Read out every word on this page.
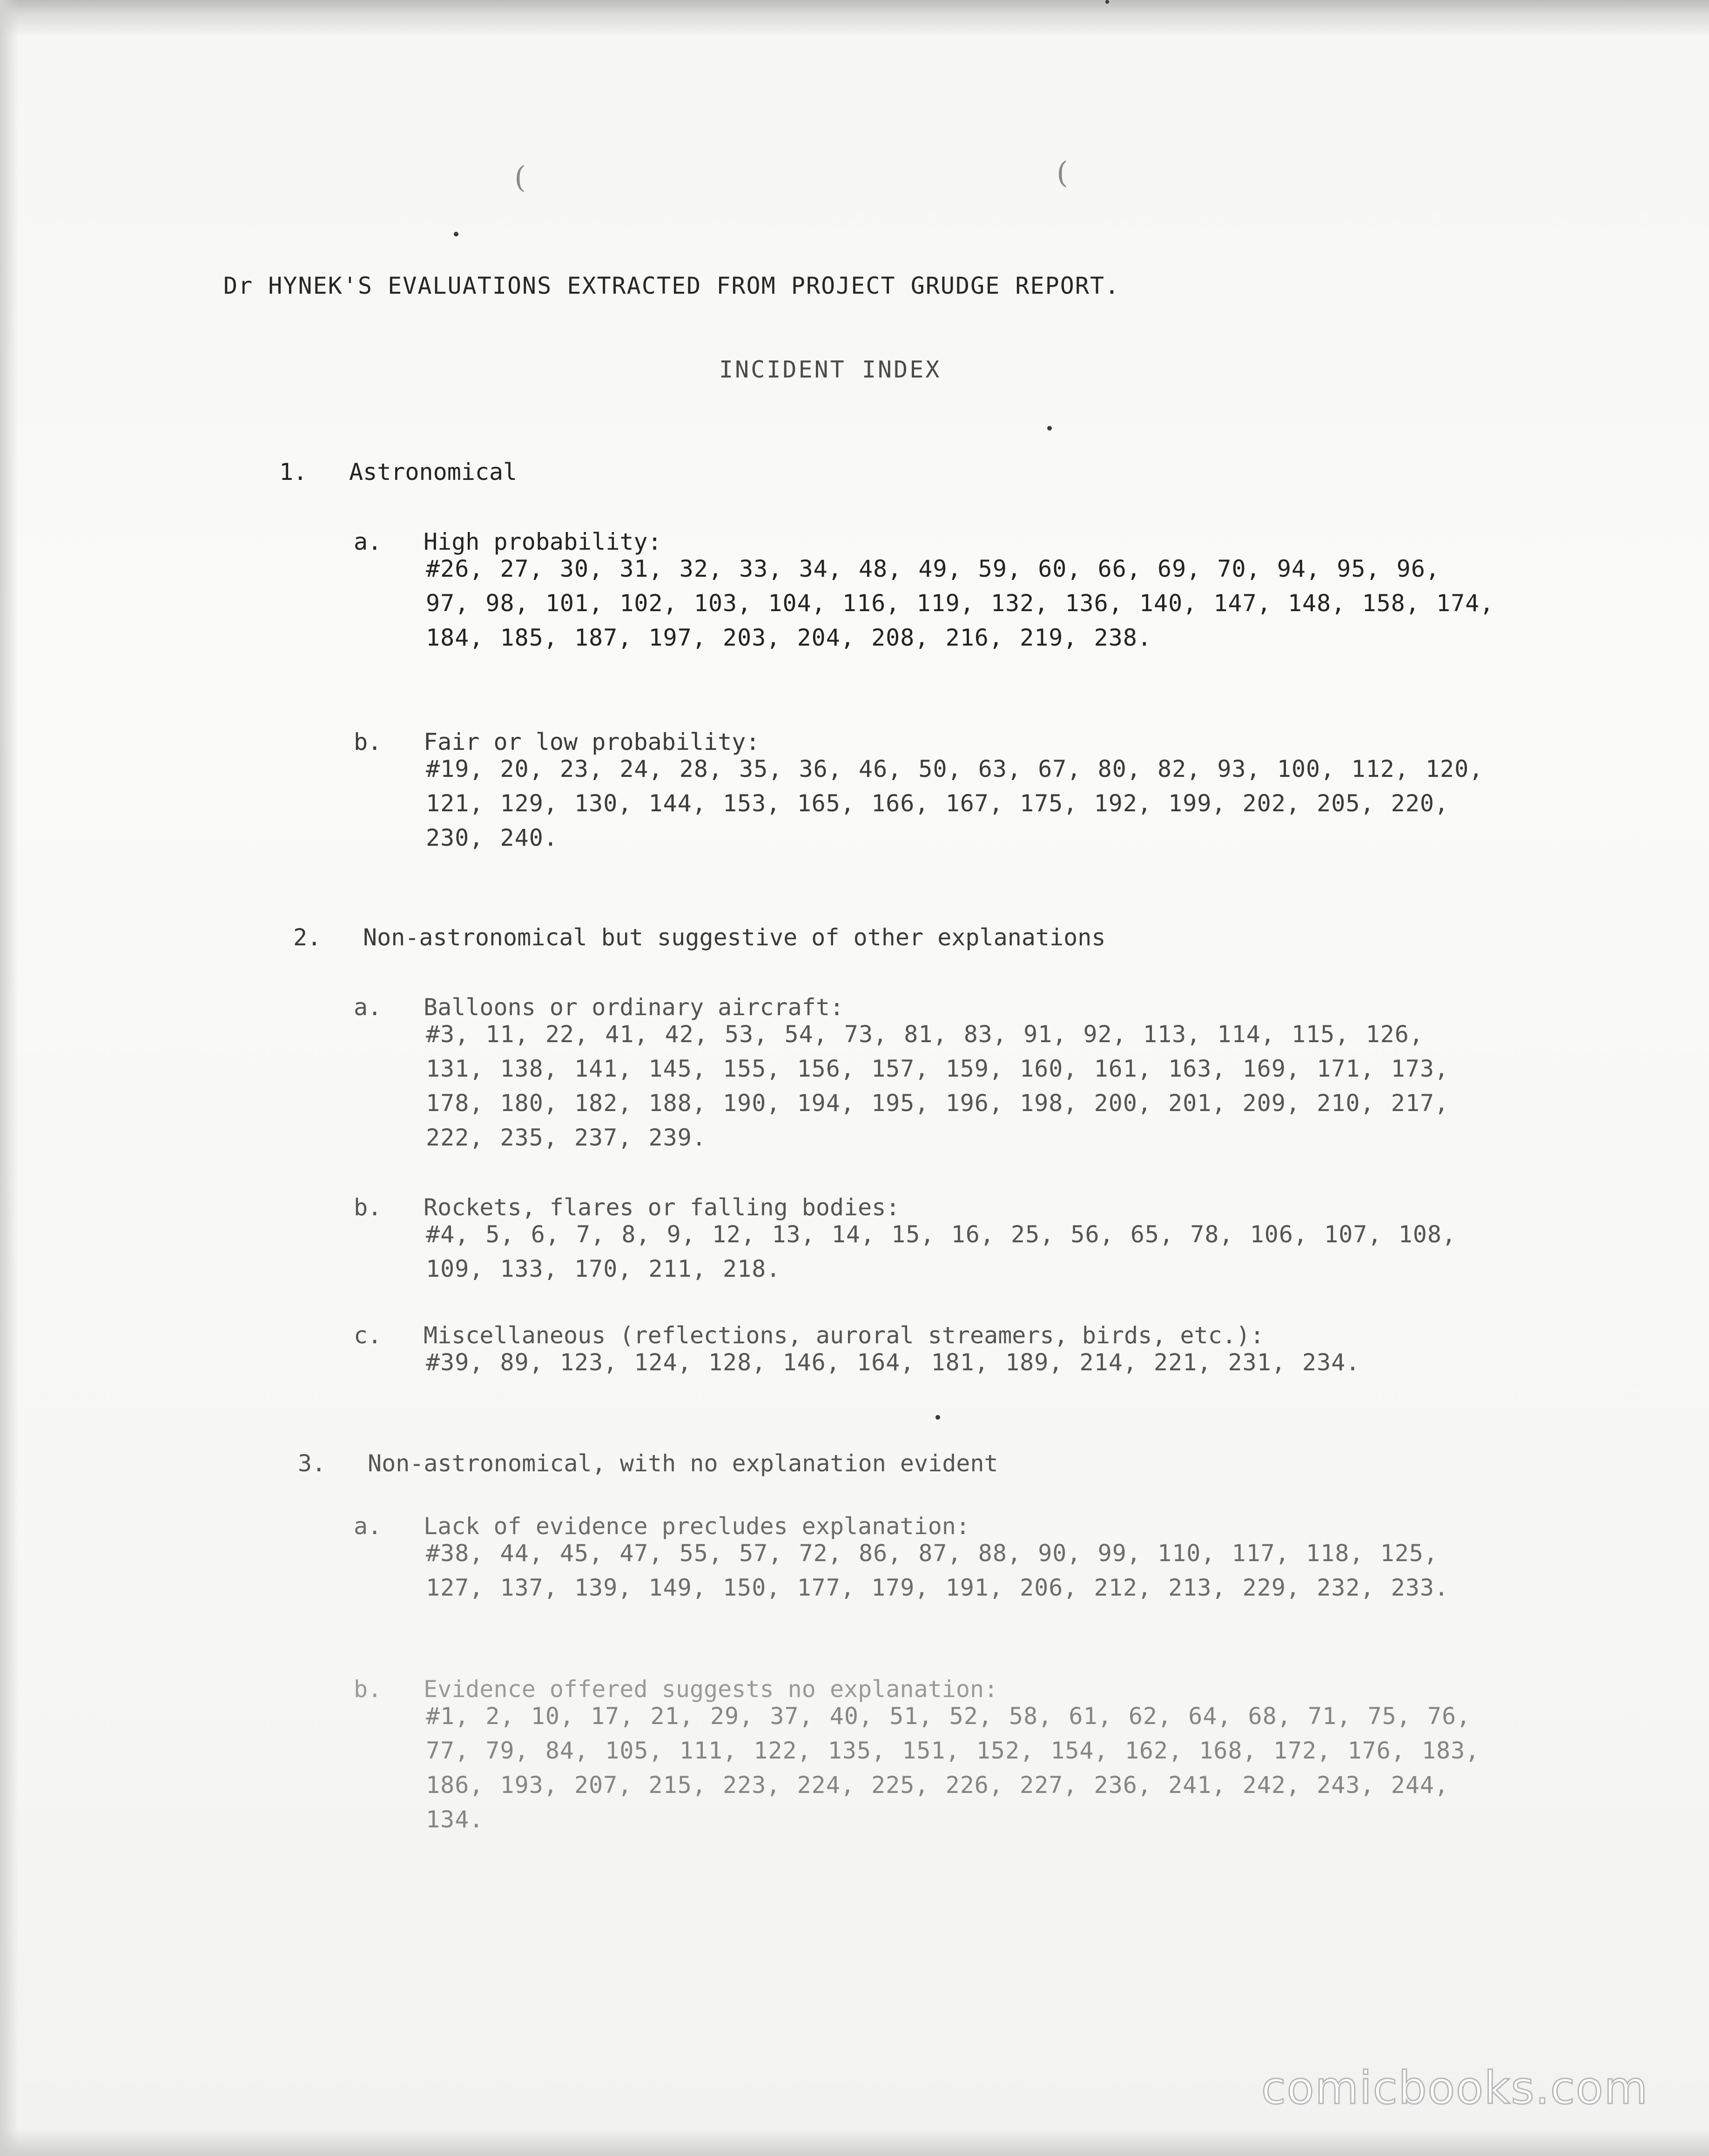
(	(
Dr HYNEK'S EVALUATIONS EXTRACTED FROM PROJECT GRUDGE REPORT.
INCIDENT INDEX
1. Astronomical
a. High probability:
#26, 27, 30, 31, 32, 33, 34, 48, 49, 59, 60, 66, 69, 70, 94, 95, 96, 97, 98, 101, 102, 103, 104, 116, 119, 132, 136, 140, 147, 148, 158, 174, 184, 185, 187, 197, 203, 204, 208, 216, 219, 238.
b. Fair or low probability:
#19, 20, 23, 24, 28, 35, 36, 46, 50, 63, 67, 80, 82, 93, 100, 112, 120, 121, 129, 130, 144, 153, 165, 166, 167, 175, 192, 199, 202, 205, 220, 230, 240.
2. Non-astronomical but suggestive of other explanations
a. Balloons or ordinary aircraft:
#3, 11, 22, 41, 42, 53, 54, 73, 81, 83, 91, 92, 113, 114, 115, 126, 131, 138, 141, 145, 155, 156, 157, 159, 160, 161, 163, 169, 171, 173, 178, 180, 182, 188, 190, 194, 195, 196, 198, 200, 201, 209, 210, 217, 222, 235, 237, 239.
b. Rockets, flares or falling bodies:
#4, 5, 6, 7, 8, 9, 12, 13, 14, 15, 16, 25, 56, 65, 78, 106, 107, 108, 109, 133, 170, 211, 218.
c. Miscellaneous (reflections, auroral streamers, birds, etc.):
#39, 89, 123, 124, 128, 146, 164, 181, 189, 214, 221, 231, 234.
3. Non-astronomical, with no explanation evident
a. Lack of evidence precludes explanation:
#38, 44, 45, 47, 55, 57, 72, 86, 87, 88, 90, 99, 110, 117, 118, 125, 127, 137, 139, 149, 150, 177, 179, 191, 206, 212, 213, 229, 232, 233.
b. Evidence offered suggests no explanation:
#1, 2, 10, 17, 21, 29, 37, 40, 51, 52, 58, 61, 62, 64, 68, 71, 75, 76, 77, 79, 84, 105, 111, 122, 135, 151, 152, 154, 162, 168, 172, 176, 183, 186, 193, 207, 215, 223, 224, 225, 226, 227, 236, 241, 242, 243, 244, 134.
comicbooks.com
